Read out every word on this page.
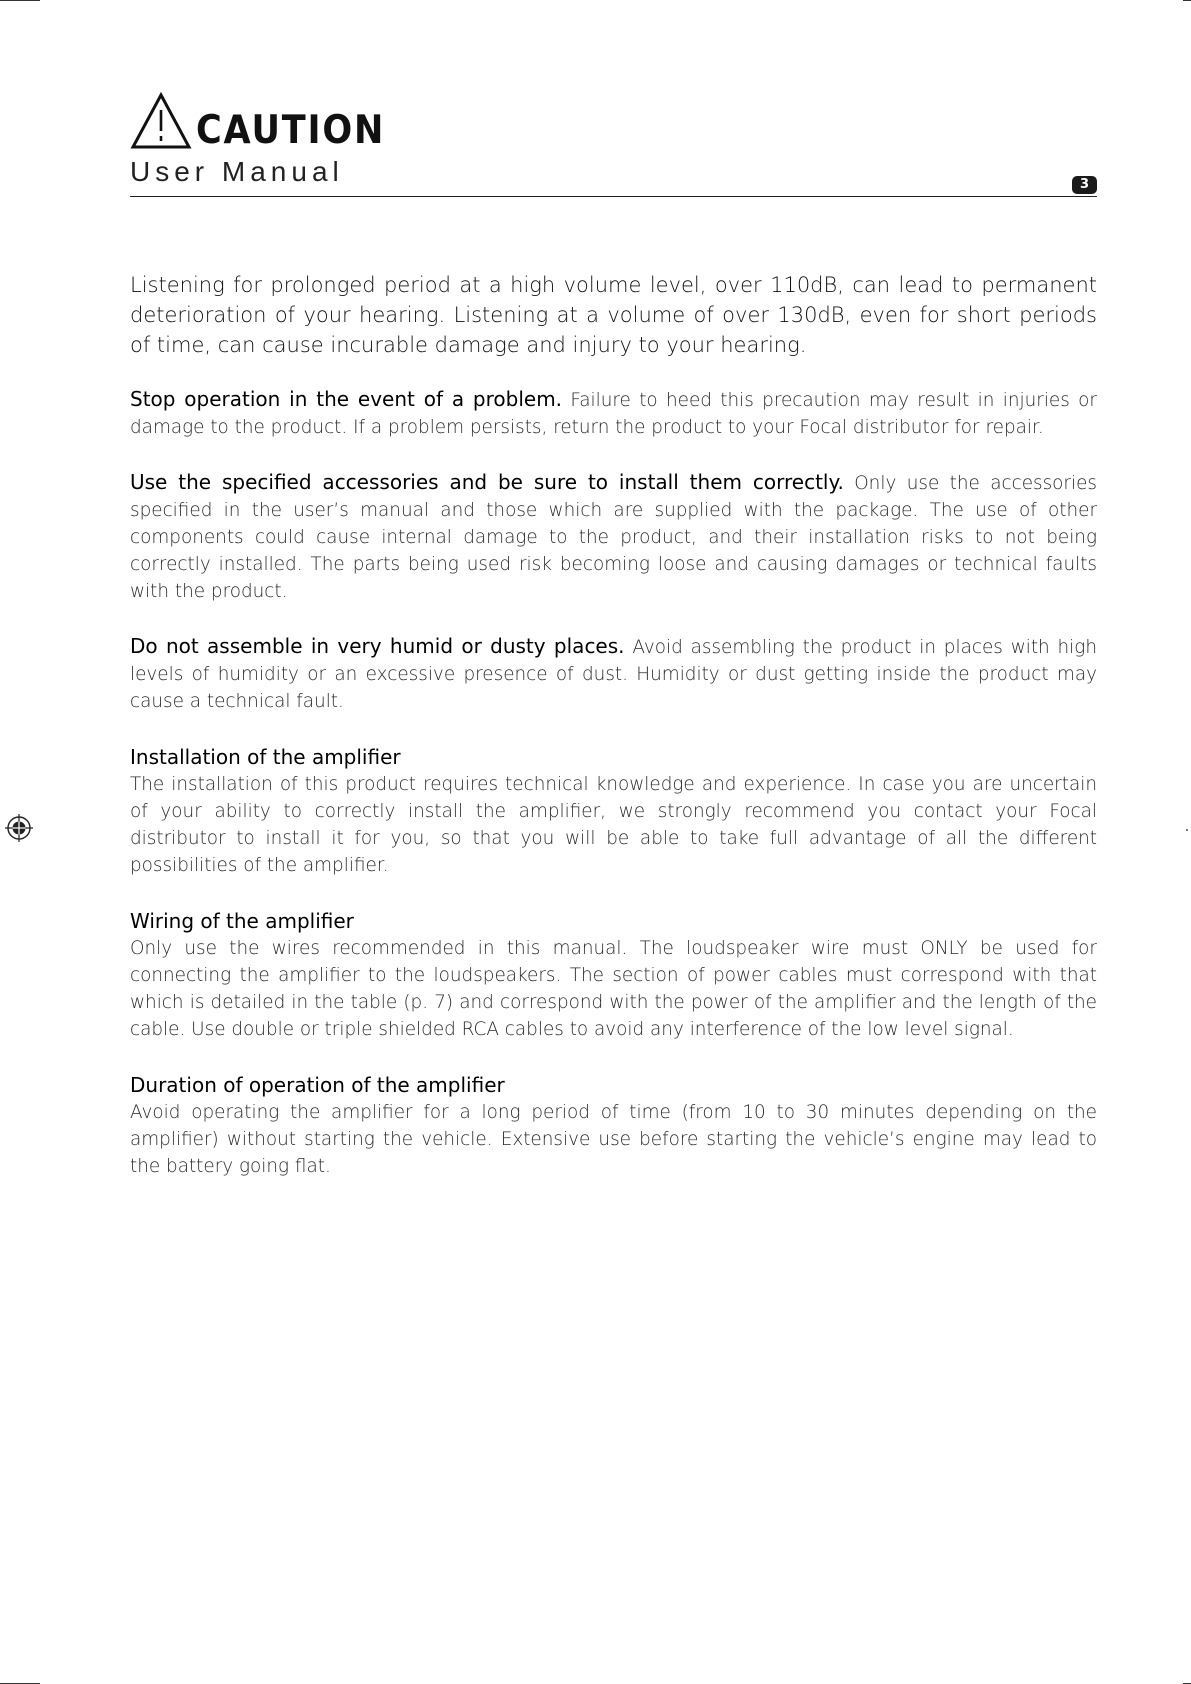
CAUTION
User Manual	3

Listening for prolonged period at a high volume level, over 110dB, can lead to permanent deterioration of your hearing. Listening at a volume of over 130dB, even for short periods of time, can cause incurable damage and injury to your hearing.

Stop operation in the event of a problem. Failure to heed this precaution may result in injuries or damage to the product. If a problem persists, return the product to your Focal distributor for repair.

Use the specified accessories and be sure to install them correctly. Only use the accessories specified in the user’s manual and those which are supplied with the package. The use of other components could cause internal damage to the product, and their installation risks to not being correctly installed. The parts being used risk becoming loose and causing damages or technical faults with the product.

Do not assemble in very humid or dusty places. Avoid assembling the product in places with high levels of humidity or an excessive presence of dust. Humidity or dust getting inside the product may cause a technical fault.

Installation of the amplifier

The installation of this product requires technical knowledge and experience. In case you are uncertain of your ability to correctly install the amplifier, we strongly recommend you contact your Focal distributor to install it for you, so that you will be able to take full advantage of all the different possibilities of the amplifier.

Wiring of the amplifier

Only use the wires recommended in this manual. The loudspeaker wire must ONLY be used for connecting the amplifier to the loudspeakers. The section of power cables must correspond with that which is detailed in the table (p. 7) and correspond with the power of the amplifier and the length of the cable. Use double or triple shielded RCA cables to avoid any interference of the low level signal.

Duration of operation of the amplifier

Avoid operating the amplifier for a long period of time (from 10 to 30 minutes depending on the amplifier) without starting the vehicle. Extensive use before starting the vehicle’s engine may lead to the battery going flat.
